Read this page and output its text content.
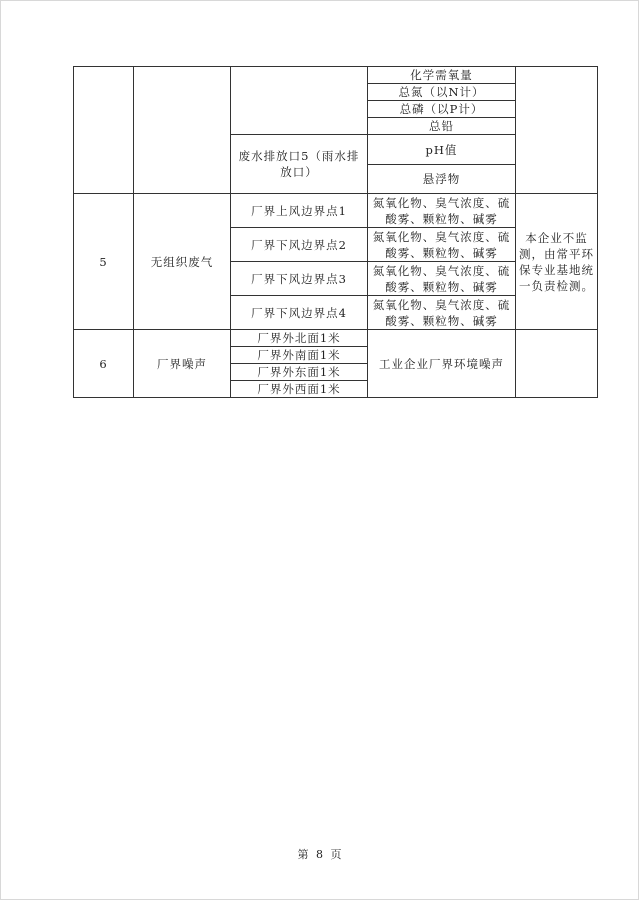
			化学需氧量	
			总氮（以N计）	
			总磷（以P计）	
			总铅	
		废水排放口5（雨水排放口）	pH值	
			悬浮物	
5	无组织废气	厂界上风边界点1	氮氧化物、臭气浓度、硫酸雾、颗粒物、碱雾	本企业不监测，由常平环保专业基地统一负责检测。
		厂界下风边界点2	氮氧化物、臭气浓度、硫酸雾、颗粒物、碱雾	
		厂界下风边界点3	氮氧化物、臭气浓度、硫酸雾、颗粒物、碱雾	
		厂界下风边界点4	氮氧化物、臭气浓度、硫酸雾、颗粒物、碱雾	
6	厂界噪声	厂界外北面1米	工业企业厂界环境噪声	
		厂界外南面1米		
		厂界外东面1米		
		厂界外西面1米		
第 8 页
